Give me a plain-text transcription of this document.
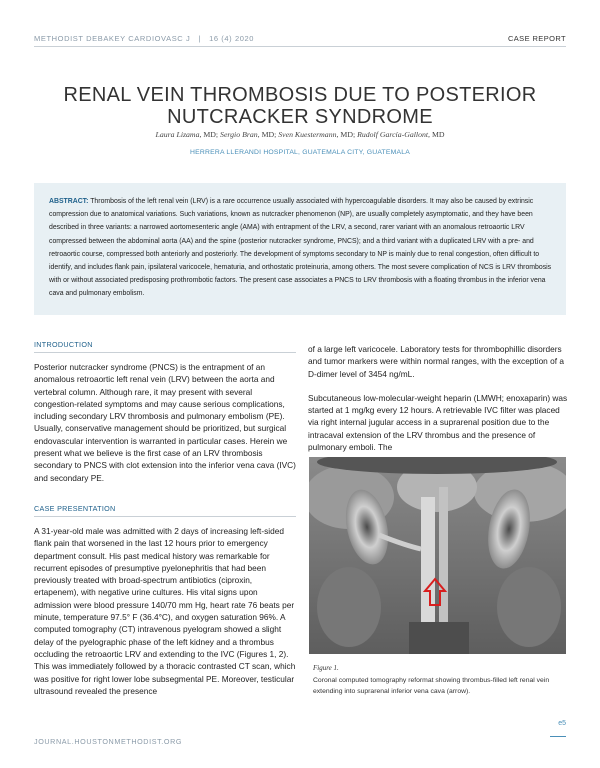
METHODIST DEBAKEY CARDIOVASC J | 16 (4) 2020	CASE REPORT
RENAL VEIN THROMBOSIS DUE TO POSTERIOR NUTCRACKER SYNDROME
Laura Lizama, MD; Sergio Bran, MD; Sven Kuestermann, MD; Rudolf García-Gallont, MD
HERRERA LLERANDI HOSPITAL, GUATEMALA CITY, GUATEMALA

ABSTRACT: Thrombosis of the left renal vein (LRV) is a rare occurrence usually associated with hypercoagulable disorders. It may also be caused by extrinsic compression due to anatomical variations. Such variations, known as nutcracker phenomenon (NP), are usually completely asymptomatic, and they have been described in three variants: a narrowed aortomesenteric angle (AMA) with entrapment of the LRV, a second, rarer variant with an anomalous retroaortic LRV compressed between the abdominal aorta (AA) and the spine (posterior nutcracker syndrome, PNCS); and a third variant with a duplicated LRV with a pre- and retroaortic course, compressed both anteriorly and posteriorly. The development of symptoms secondary to NP is mainly due to renal congestion, often difficult to identify, and includes flank pain, ipsilateral varicocele, hematuria, and orthostatic proteinuria, among others. The most severe complication of NCS is LRV thrombosis with or without associated predisposing prothrombotic factors. The present case associates a PNCS to LRV thrombosis with a floating thrombus in the inferior vena cava and pulmonary embolism.

INTRODUCTION

Posterior nutcracker syndrome (PNCS) is the entrapment of an anomalous retroaortic left renal vein (LRV) between the aorta and vertebral column. Although rare, it may present with several congestion-related symptoms and may cause serious complications, including secondary LRV thrombosis and pulmonary embolism (PE). Usually, conservative management should be prioritized, but surgical endovascular intervention is warranted in particular cases. Herein we present what we believe is the first case of an LRV thrombosis secondary to PNCS with clot extension into the inferior vena cava (IVC) and secondary PE.

CASE PRESENTATION

A 31-year-old male was admitted with 2 days of increasing left-sided flank pain that worsened in the last 12 hours prior to emergency department consult. His past medical history was remarkable for recurrent episodes of presumptive pyelonephritis that had been previously treated with broad-spectrum antibiotics (ciproxin, ertapenem), with negative urine cultures. His vital signs upon admission were blood pressure 140/70 mm Hg, heart rate 76 beats per minute, temperature 97.5° F (36.4°C), and oxygen saturation 96%. A computed tomography (CT) intravenous pyelogram showed a slight delay of the pyelographic phase of the left kidney and a thrombus occluding the retroaortic LRV and extending to the IVC (Figures 1, 2). This was immediately followed by a thoracic contrasted CT scan, which was positive for right lower lobe subsegmental PE. Moreover, testicular ultrasound revealed the presence

of a large left varicocele. Laboratory tests for thrombophillic disorders and tumor markers were within normal ranges, with the exception of a D-dimer level of 3454 ng/mL.

Subcutaneous low-molecular-weight heparin (LMWH; enoxaparin) was started at 1 mg/kg every 12 hours. A retrievable IVC filter was placed via right internal jugular access in a suprarenal position due to the intracaval extension of the LRV thrombus and the presence of pulmonary emboli. The

Figure 1.
Coronal computed tomography reformat showing thrombus-filled left renal vein extending into suprarenal inferior vena cava (arrow).
e5
JOURNAL.HOUSTONMETHODIST.ORG
